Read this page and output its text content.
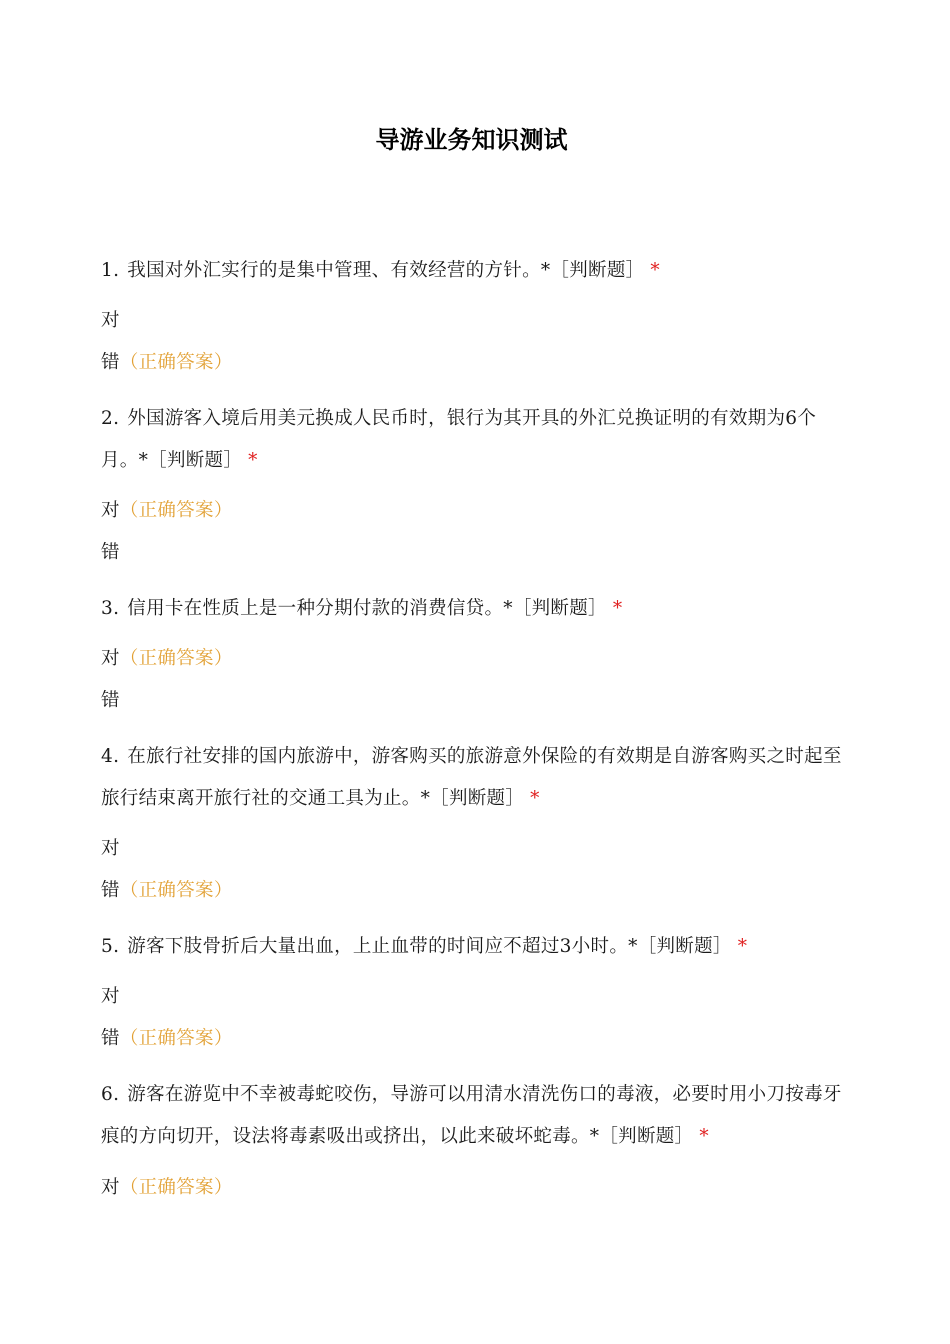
导游业务知识测试

1. 我国对外汇实行的是集中管理、有效经营的方针。*［判断题］ *

对

错（正确答案）

2. 外国游客入境后用美元换成人民币时，银行为其开具的外汇兑换证明的有效期为6个月。*［判断题］ *

对（正确答案）

错

3. 信用卡在性质上是一种分期付款的消费信贷。*［判断题］ *

对（正确答案）

错

4. 在旅行社安排的国内旅游中，游客购买的旅游意外保险的有效期是自游客购买之时起至旅行结束离开旅行社的交通工具为止。*［判断题］ *

对

错（正确答案）

5. 游客下肢骨折后大量出血，上止血带的时间应不超过3小时。*［判断题］ *

对

错（正确答案）

6. 游客在游览中不幸被毒蛇咬伤，导游可以用清水清洗伤口的毒液，必要时用小刀按毒牙痕的方向切开，设法将毒素吸出或挤出，以此来破坏蛇毒。*［判断题］ *

对（正确答案）
